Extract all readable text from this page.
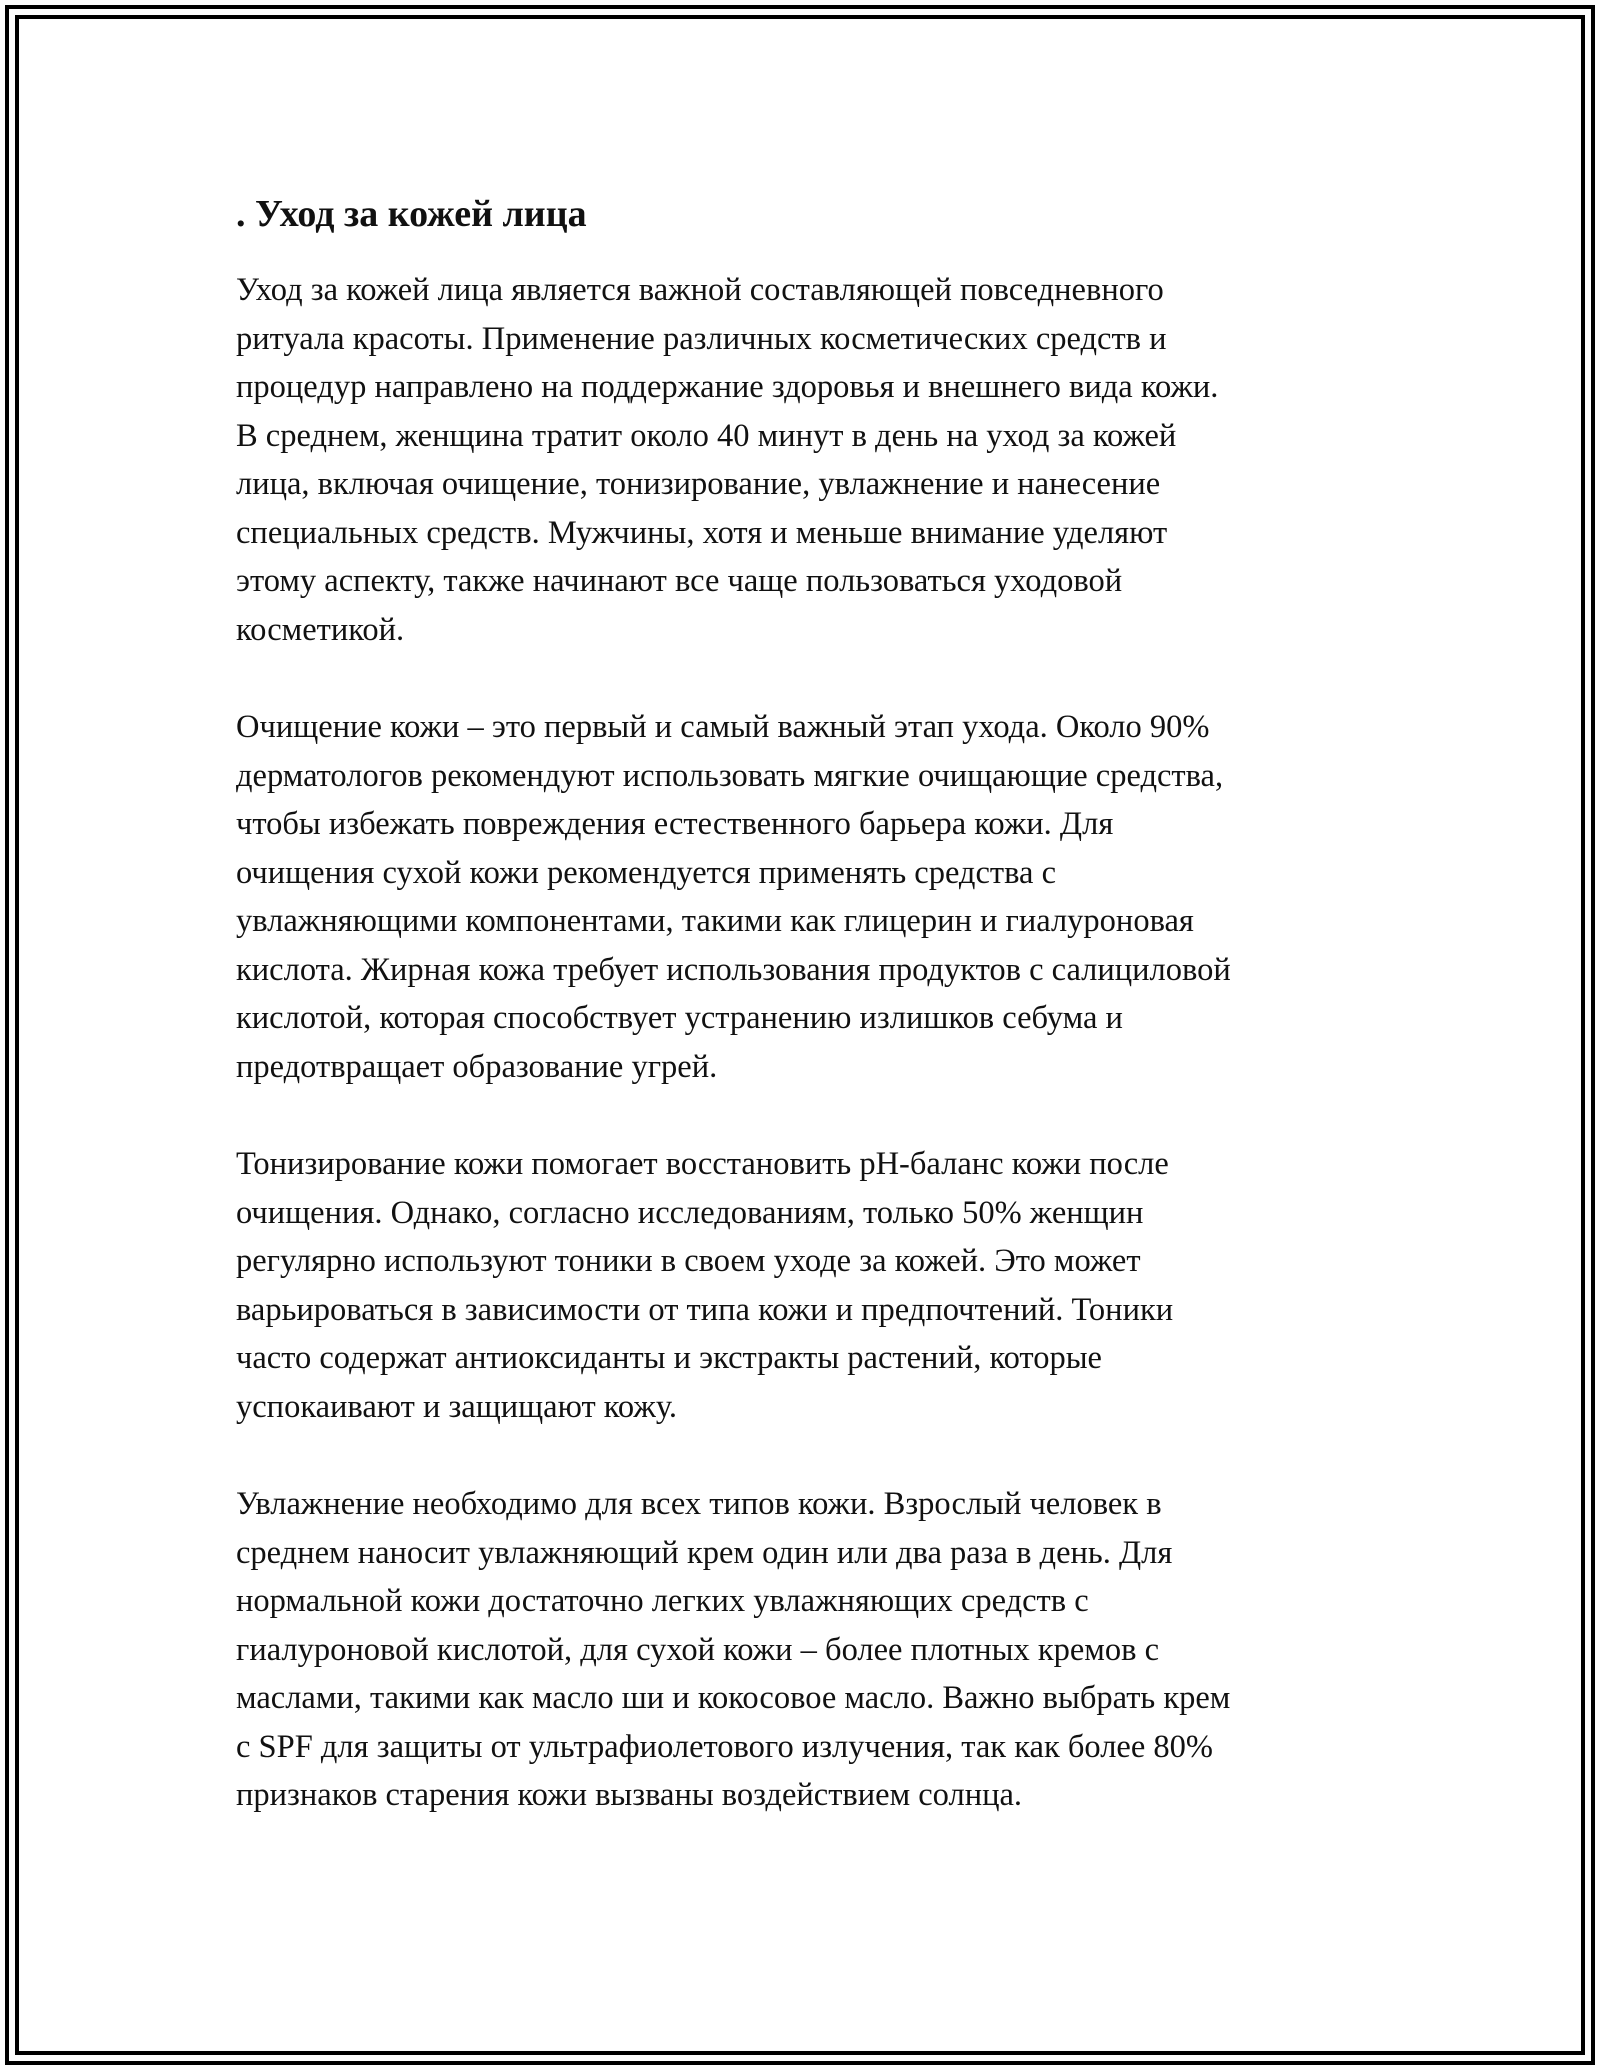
. Уход за кожей лица
Уход за кожей лица является важной составляющей повседневного
ритуала красоты. Применение различных косметических средств и
процедур направлено на поддержание здоровья и внешнего вида кожи.
В среднем, женщина тратит около 40 минут в день на уход за кожей
лица, включая очищение, тонизирование, увлажнение и нанесение
специальных средств. Мужчины, хотя и меньше внимание уделяют
этому аспекту, также начинают все чаще пользоваться уходовой
косметикой.
Очищение кожи – это первый и самый важный этап ухода. Около 90%
дерматологов рекомендуют использовать мягкие очищающие средства,
чтобы избежать повреждения естественного барьера кожи. Для
очищения сухой кожи рекомендуется применять средства с
увлажняющими компонентами, такими как глицерин и гиалуроновая
кислота. Жирная кожа требует использования продуктов с салициловой
кислотой, которая способствует устранению излишков себума и
предотвращает образование угрей.
Тонизирование кожи помогает восстановить pH-баланс кожи после
очищения. Однако, согласно исследованиям, только 50% женщин
регулярно используют тоники в своем уходе за кожей. Это может
варьироваться в зависимости от типа кожи и предпочтений. Тоники
часто содержат антиоксиданты и экстракты растений, которые
успокаивают и защищают кожу.
Увлажнение необходимо для всех типов кожи. Взрослый человек в
среднем наносит увлажняющий крем один или два раза в день. Для
нормальной кожи достаточно легких увлажняющих средств с
гиалуроновой кислотой, для сухой кожи – более плотных кремов с
маслами, такими как масло ши и кокосовое масло. Важно выбрать крем
с SPF для защиты от ультрафиолетового излучения, так как более 80%
признаков старения кожи вызваны воздействием солнца.
